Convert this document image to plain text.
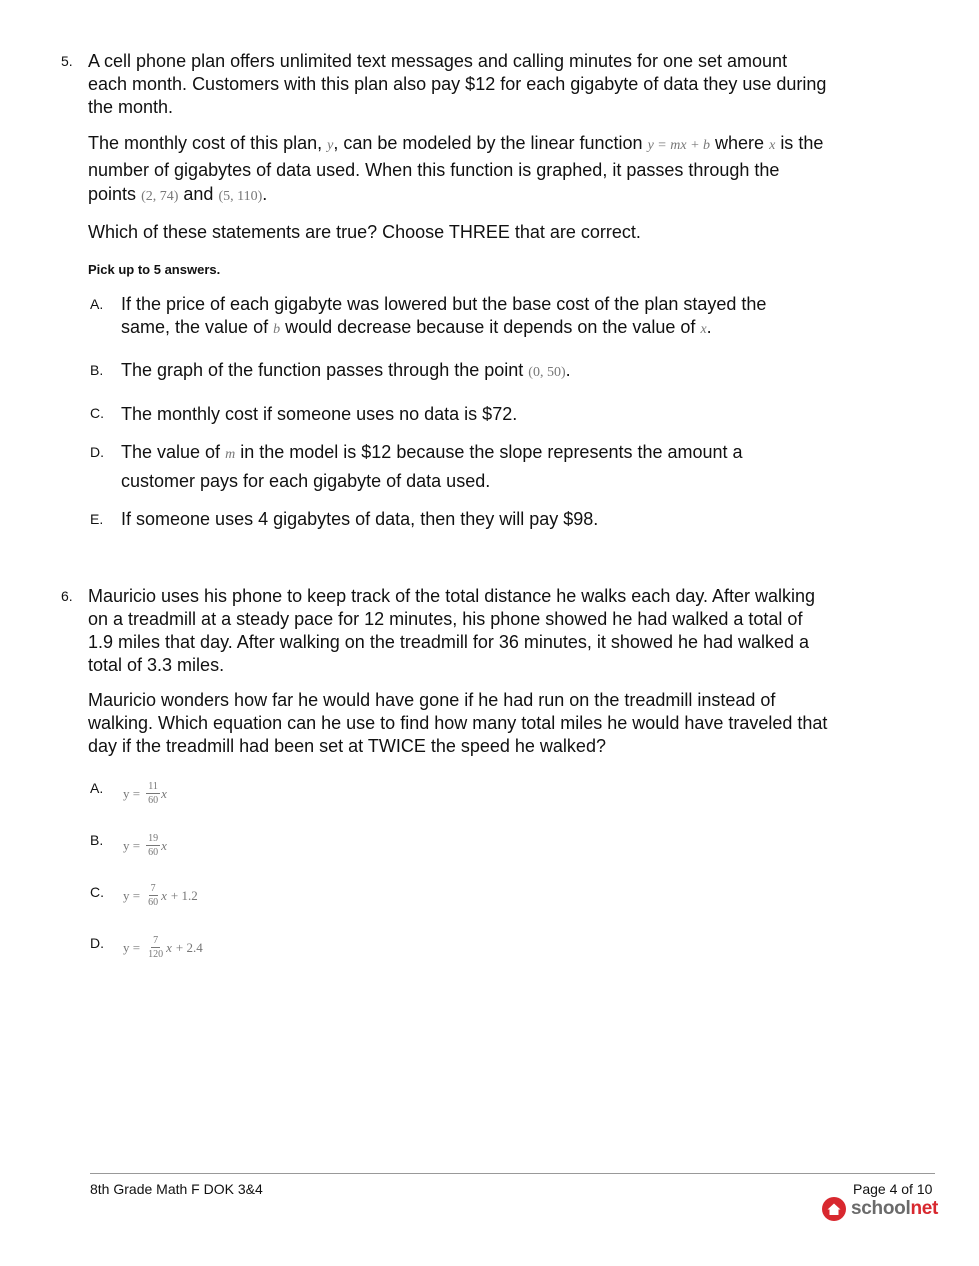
5. A cell phone plan offers unlimited text messages and calling minutes for one set amount each month. Customers with this plan also pay $12 for each gigabyte of data they use during the month.

The monthly cost of this plan, y, can be modeled by the linear function y = mx + b where x is the number of gigabytes of data used. When this function is graphed, it passes through the points (2, 74) and (5, 110).

Which of these statements are true? Choose THREE that are correct.

Pick up to 5 answers.
A. If the price of each gigabyte was lowered but the base cost of the plan stayed the same, the value of b would decrease because it depends on the value of x.
B. The graph of the function passes through the point (0, 50).
C. The monthly cost if someone uses no data is $72.
D. The value of m in the model is $12 because the slope represents the amount a customer pays for each gigabyte of data used.
E. If someone uses 4 gigabytes of data, then they will pay $98.
6. Mauricio uses his phone to keep track of the total distance he walks each day. After walking on a treadmill at a steady pace for 12 minutes, his phone showed he had walked a total of 1.9 miles that day. After walking on the treadmill for 36 minutes, it showed he had walked a total of 3.3 miles.

Mauricio wonders how far he would have gone if he had run on the treadmill instead of walking. Which equation can he use to find how many total miles he would have traveled that day if the treadmill had been set at TWICE the speed he walked?

A. $y = \frac{11}{60}$ x
B. $y = \frac{19}{60}$ x
C. $y = \frac{7}{60}$ x + 1.2
D. $y = \frac{7}{120}$ x + 2.4
8th Grade Math F DOK 3&4	Page 4 of 10
schoolnet
